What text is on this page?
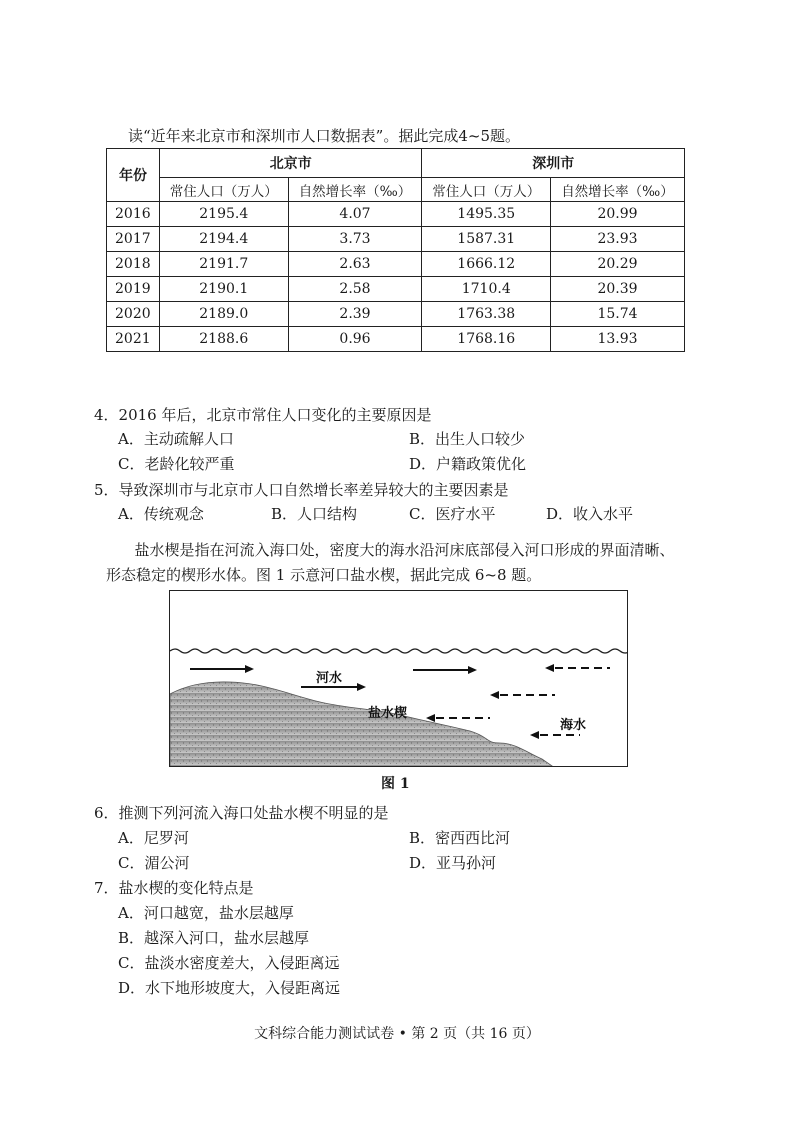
读“近年来北京市和深圳市人口数据表”。据此完成4~5题。
年份	北京市		深圳市	
	常住人口（万人）	自然增长率（‰）	常住人口（万人）	自然增长率（‰）
2016	2195.4	4.07	1495.35	20.99
2017	2194.4	3.73	1587.31	23.93
2018	2191.7	2.63	1666.12	20.29
2019	2190.1	2.58	1710.4	20.39
2020	2189.0	2.39	1763.38	15.74
2021	2188.6	0.96	1768.16	13.93
4．2016 年后，北京市常住人口变化的主要原因是
A．主动疏解人口	B．出生人口较少
C．老龄化较严重	D．户籍政策优化
5．导致深圳市与北京市人口自然增长率差异较大的主要因素是
A．传统观念	B．人口结构	C．医疗水平	D．收入水平
盐水楔是指在河流入海口处，密度大的海水沿河床底部侵入河口形成的界面清晰、形态稳定的楔形水体。图 1 示意河口盐水楔，据此完成 6~8 题。
河水
盐水楔
海水
图 1
6．推测下列河流入海口处盐水楔不明显的是
A．尼罗河	B．密西西比河
C．湄公河	D．亚马孙河
7．盐水楔的变化特点是
A．河口越宽，盐水层越厚
B．越深入河口，盐水层越厚
C．盐淡水密度差大，入侵距离远
D．水下地形坡度大，入侵距离远
文科综合能力测试试卷 • 第 2 页（共 16 页）
